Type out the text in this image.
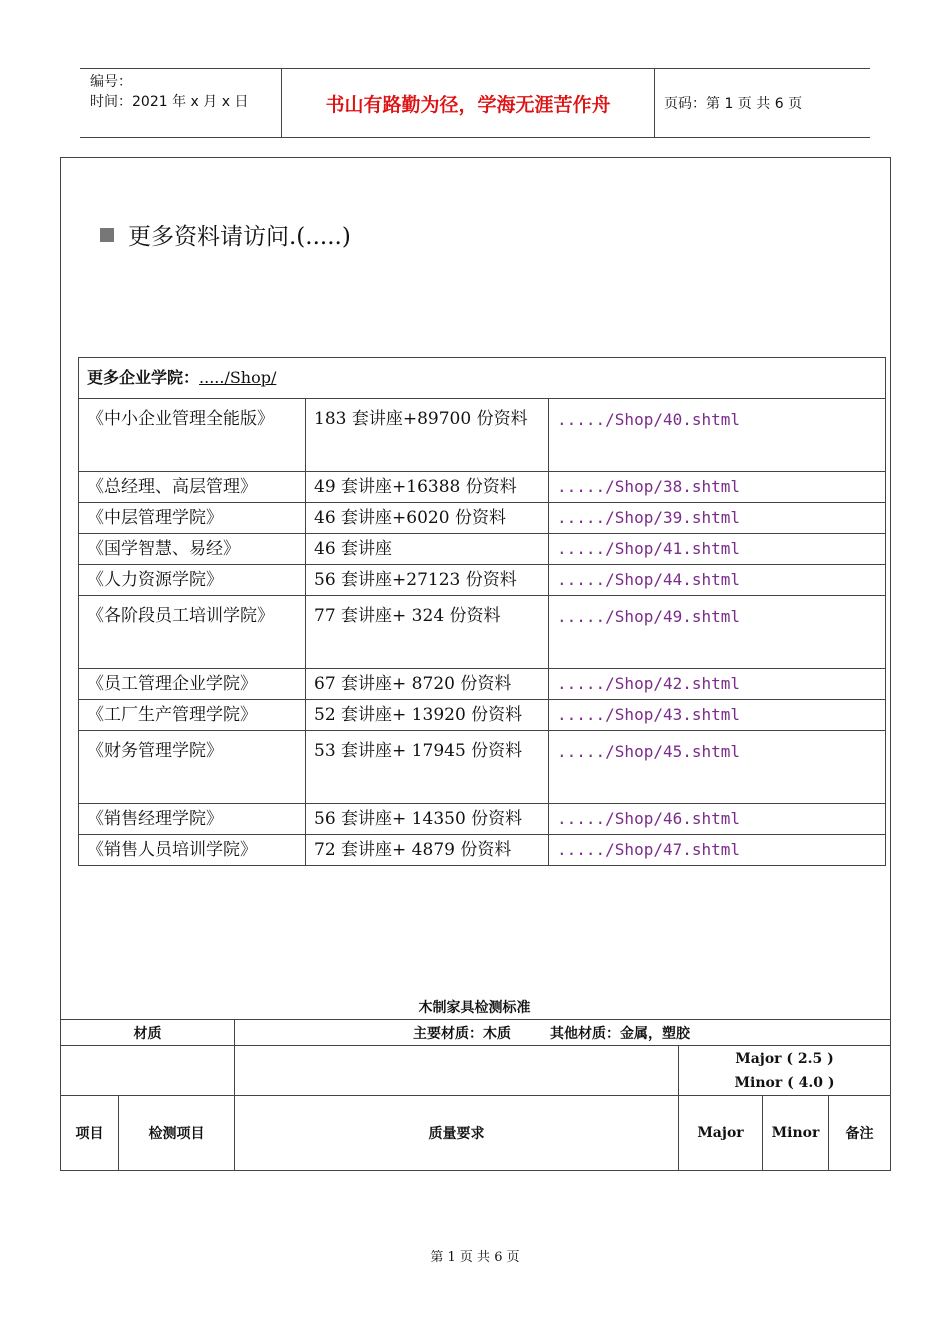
编号：
时间：2021 年 x 月 x 日	书山有路勤为径，学海无涯苦作舟	页码：第 1 页 共 6 页
更多资料请访问.(.....)
更多企业学院：...../Shop/		
《中小企业管理全能版》	183 套讲座+89700 份资料	...../Shop/40.shtml
《总经理、高层管理》	49 套讲座+16388 份资料	...../Shop/38.shtml
《中层管理学院》	46 套讲座+6020 份资料	...../Shop/39.shtml
《国学智慧、易经》	46 套讲座	...../Shop/41.shtml
《人力资源学院》	56 套讲座+27123 份资料	...../Shop/44.shtml
《各阶段员工培训学院》	77 套讲座+ 324 份资料	...../Shop/49.shtml
《员工管理企业学院》	67 套讲座+ 8720 份资料	...../Shop/42.shtml
《工厂生产管理学院》	52 套讲座+ 13920 份资料	...../Shop/43.shtml
《财务管理学院》	53 套讲座+ 17945 份资料	...../Shop/45.shtml
《销售经理学院》	56 套讲座+ 14350 份资料	...../Shop/46.shtml
《销售人员培训学院》	72 套讲座+ 4879 份资料	...../Shop/47.shtml
木制家具检测标准
材质		主要材质：木质        其他材质：金属，塑胶			

			Major ( 2.5 )
Minor ( 4.0 )		

项目	检测项目	质量要求	Major	Minor	备注
第 1 页 共 6 页
